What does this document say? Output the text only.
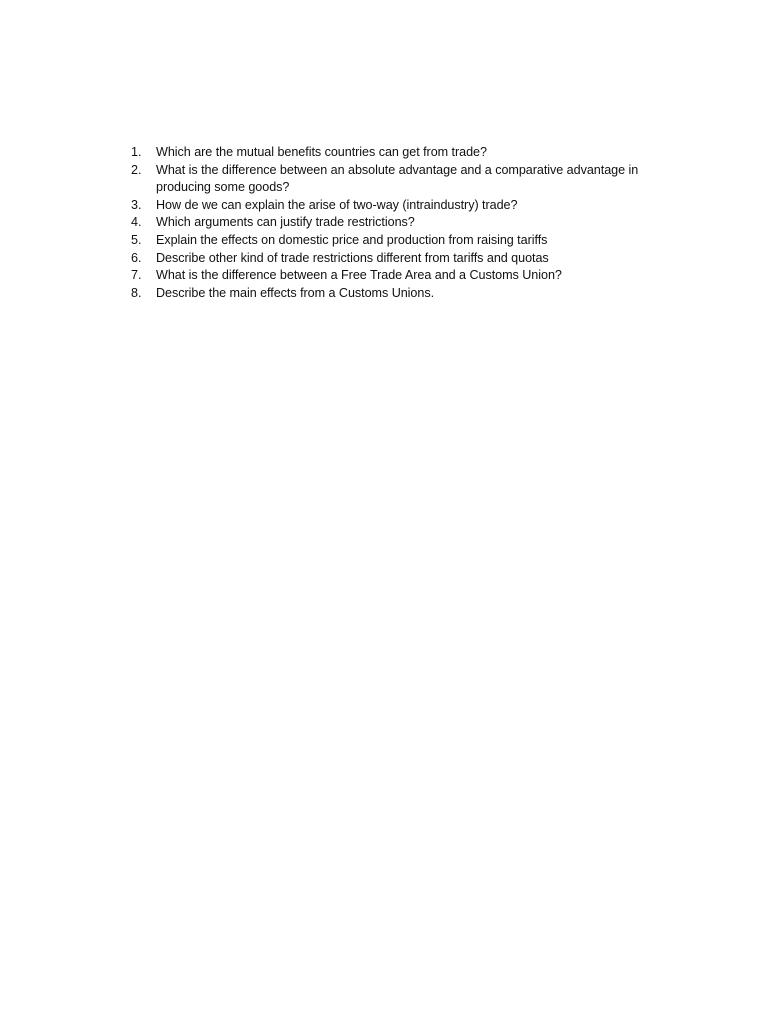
1.	Which are the mutual benefits countries can get from trade?
2.	What is the difference between an absolute advantage and a comparative advantage in producing some goods?
3.	How de we can explain the arise of two-way (intraindustry) trade?
4.	Which arguments can justify trade restrictions?
5.	Explain the effects on domestic price and production from raising tariffs
6.	Describe other kind of trade restrictions different from tariffs and quotas
7.	What is the difference between a Free Trade Area and a Customs Union?
8.	Describe the main effects from a Customs Unions.
